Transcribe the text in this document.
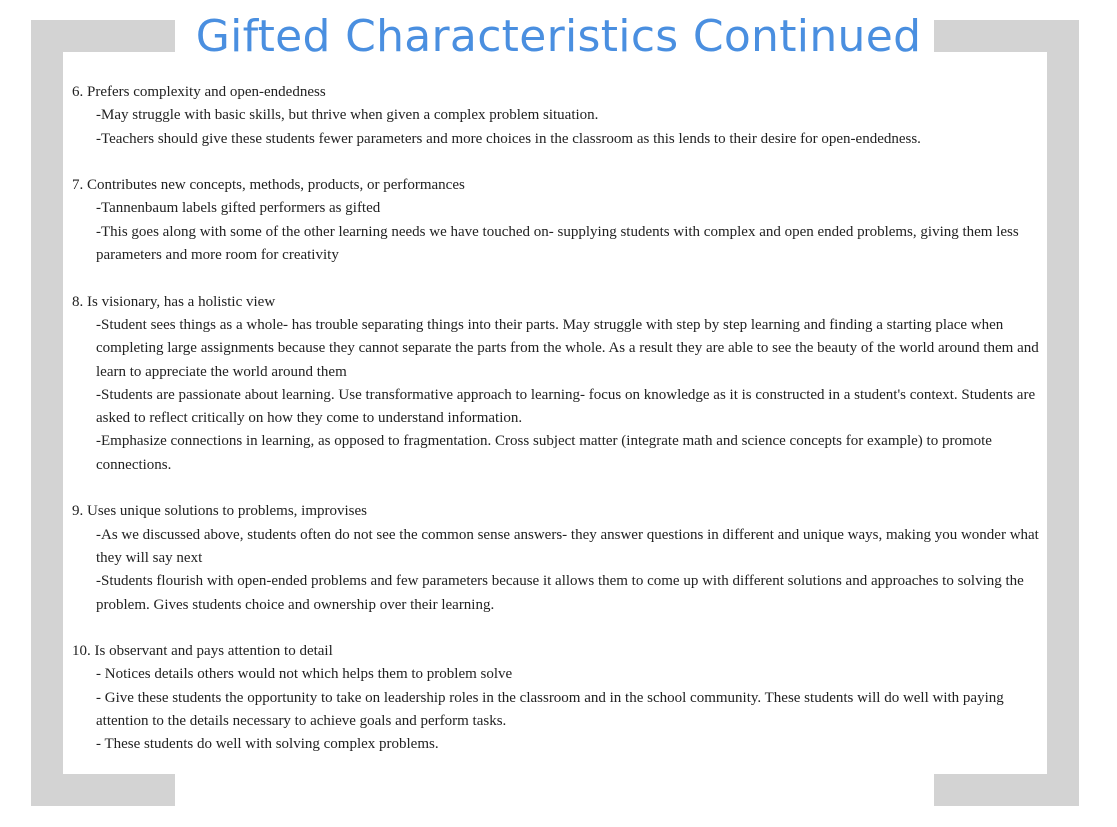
Gifted Characteristics Continued

6. Prefers complexity and open-endedness

-May struggle with basic skills, but thrive when given a complex problem situation.

-Teachers should give these students fewer parameters and more choices in the classroom as this lends to their desire for open-endedness.

7. Contributes new concepts, methods, products, or performances

-Tannenbaum labels gifted performers as gifted

-This goes along with some of the other learning needs we have touched on- supplying students with complex and open ended problems, giving them less parameters and more room for creativity

8. Is visionary, has a holistic view

-Student sees things as a whole- has trouble separating things into their parts. May struggle with step by step learning and finding a starting place when completing large assignments because they cannot separate the parts from the whole. As a result they are able to see the beauty of the world around them and learn to appreciate the world around them

-Students are passionate about learning. Use transformative approach to learning- focus on knowledge as it is constructed in a student's context. Students are asked to reflect critically on how they come to understand information.

-Emphasize connections in learning, as opposed to fragmentation. Cross subject matter (integrate math and science concepts for example) to promote connections.

9. Uses unique solutions to problems, improvises

-As we discussed above, students often do not see the common sense answers- they answer questions in different and unique ways, making you wonder what they will say next

-Students flourish with open-ended problems and few parameters because it allows them to come up with different solutions and approaches to solving the problem. Gives students choice and ownership over their learning.

10. Is observant and pays attention to detail

- Notices details others would not which helps them to problem solve

- Give these students the opportunity to take on leadership roles in the classroom and in the school community. These students will do well with paying attention to the details necessary to achieve goals and perform tasks.

- These students do well with solving complex problems.
